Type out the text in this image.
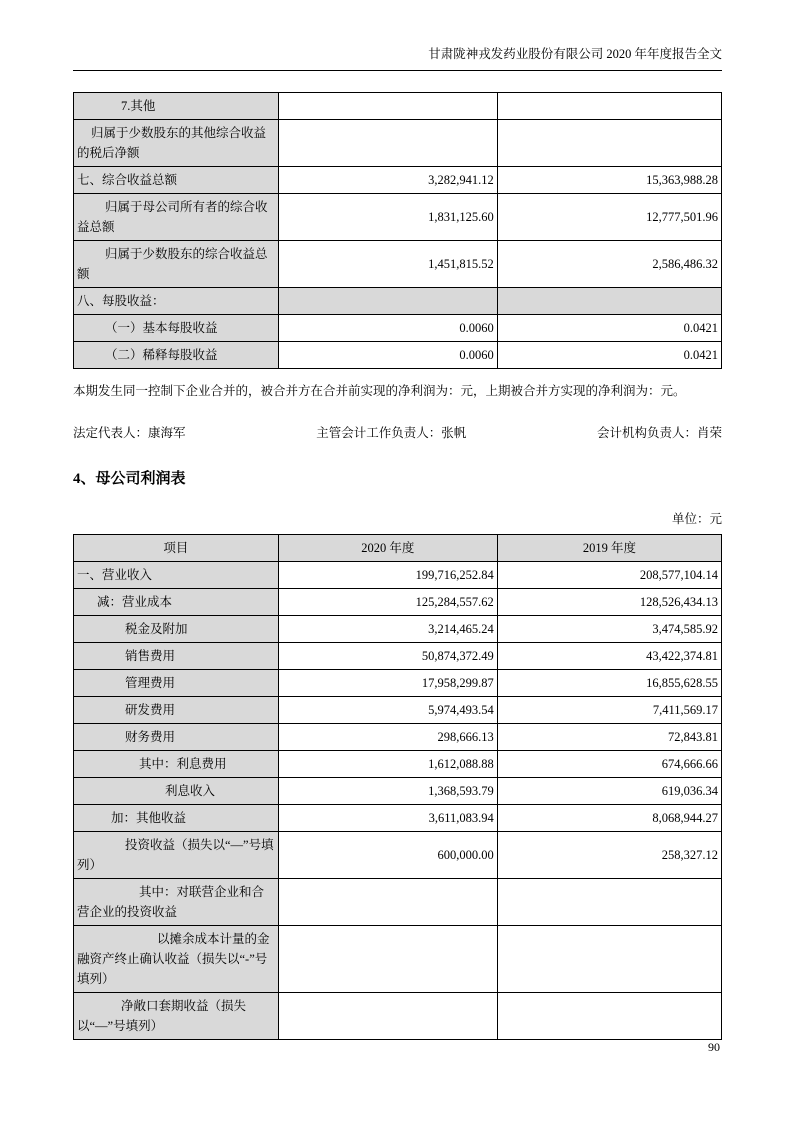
甘肃陇神戎发药业股份有限公司 2020 年年度报告全文
7.其他		
归属于少数股东的其他综合收益的税后净额		
七、综合收益总额	3,282,941.12	15,363,988.28
归属于母公司所有者的综合收益总额	1,831,125.60	12,777,501.96
归属于少数股东的综合收益总额	1,451,815.52	2,586,486.32
八、每股收益：		
（一）基本每股收益	0.0060	0.0421
（二）稀释每股收益	0.0060	0.0421

本期发生同一控制下企业合并的，被合并方在合并前实现的净利润为：元，上期被合并方实现的净利润为：元。

法定代表人：康海军	主管会计工作负责人：张帆	会计机构负责人：肖荣
4、母公司利润表
单位：元
项目	2020 年度	2019 年度
一、营业收入	199,716,252.84	208,577,104.14
减：营业成本	125,284,557.62	128,526,434.13
税金及附加	3,214,465.24	3,474,585.92
销售费用	50,874,372.49	43,422,374.81
管理费用	17,958,299.87	16,855,628.55
研发费用	5,974,493.54	7,411,569.17
财务费用	298,666.13	72,843.81
其中：利息费用	1,612,088.88	674,666.66
利息收入	1,368,593.79	619,036.34
加：其他收益	3,611,083.94	8,068,944.27
投资收益（损失以“—”号填列）	600,000.00	258,327.12
其中：对联营企业和合营企业的投资收益		
以摊余成本计量的金融资产终止确认收益（损失以“-”号填列）		
净敞口套期收益（损失以“—”号填列）		
90
